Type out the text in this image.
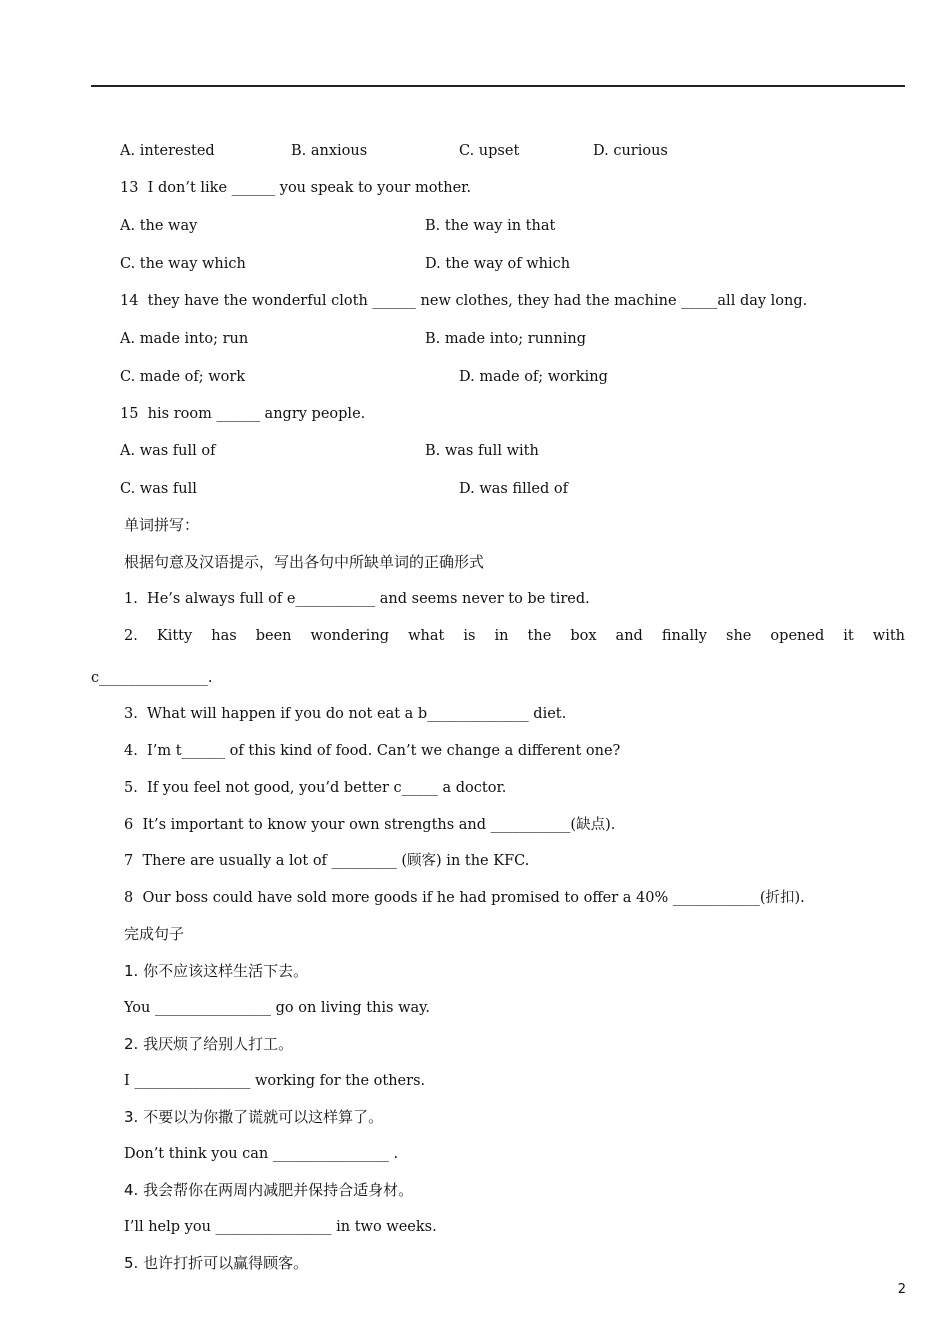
A. interested	B. anxious	C. upset	D. curious
13  I don’t like ______ you speak to your mother.
A. the way	B. the way in that
C. the way which	D. the way of which
14  they have the wonderful cloth ______ new clothes, they had the machine _____all day long.
A. made into; run	B. made into; running
C. made of; work	D. made of; working
15  his room ______ angry people.
A. was full of	B. was full with
C. was full	D. was filled of
单词拼写：
根据句意及汉语提示，写出各句中所缺单词的正确形式
1.  He’s always full of e___________ and seems never to be tired.
2. Kitty has been wondering what is in the box and finally she opened it with
c_______________.
3.  What will happen if you do not eat a b______________ diet.
4.  I’m t______ of this kind of food. Can’t we change a different one?
5.  If you feel not good, you’d better c_____ a doctor.
6  It’s important to know your own strengths and ___________(缺点).
7  There are usually a lot of _________ (顾客) in the KFC.
8  Our boss could have sold more goods if he had promised to offer a 40% ____________(折扣).
完成句子
1. 你不应该这样生活下去。
You ________________ go on living this way.
2. 我厌烦了给别人打工。
I ________________ working for the others.
3. 不要以为你撒了谎就可以这样算了。
Don’t think you can ________________ .
4. 我会帮你在两周内减肥并保持合适身材。
I’ll help you ________________ in two weeks.
5. 也许打折可以赢得顾客。
2
